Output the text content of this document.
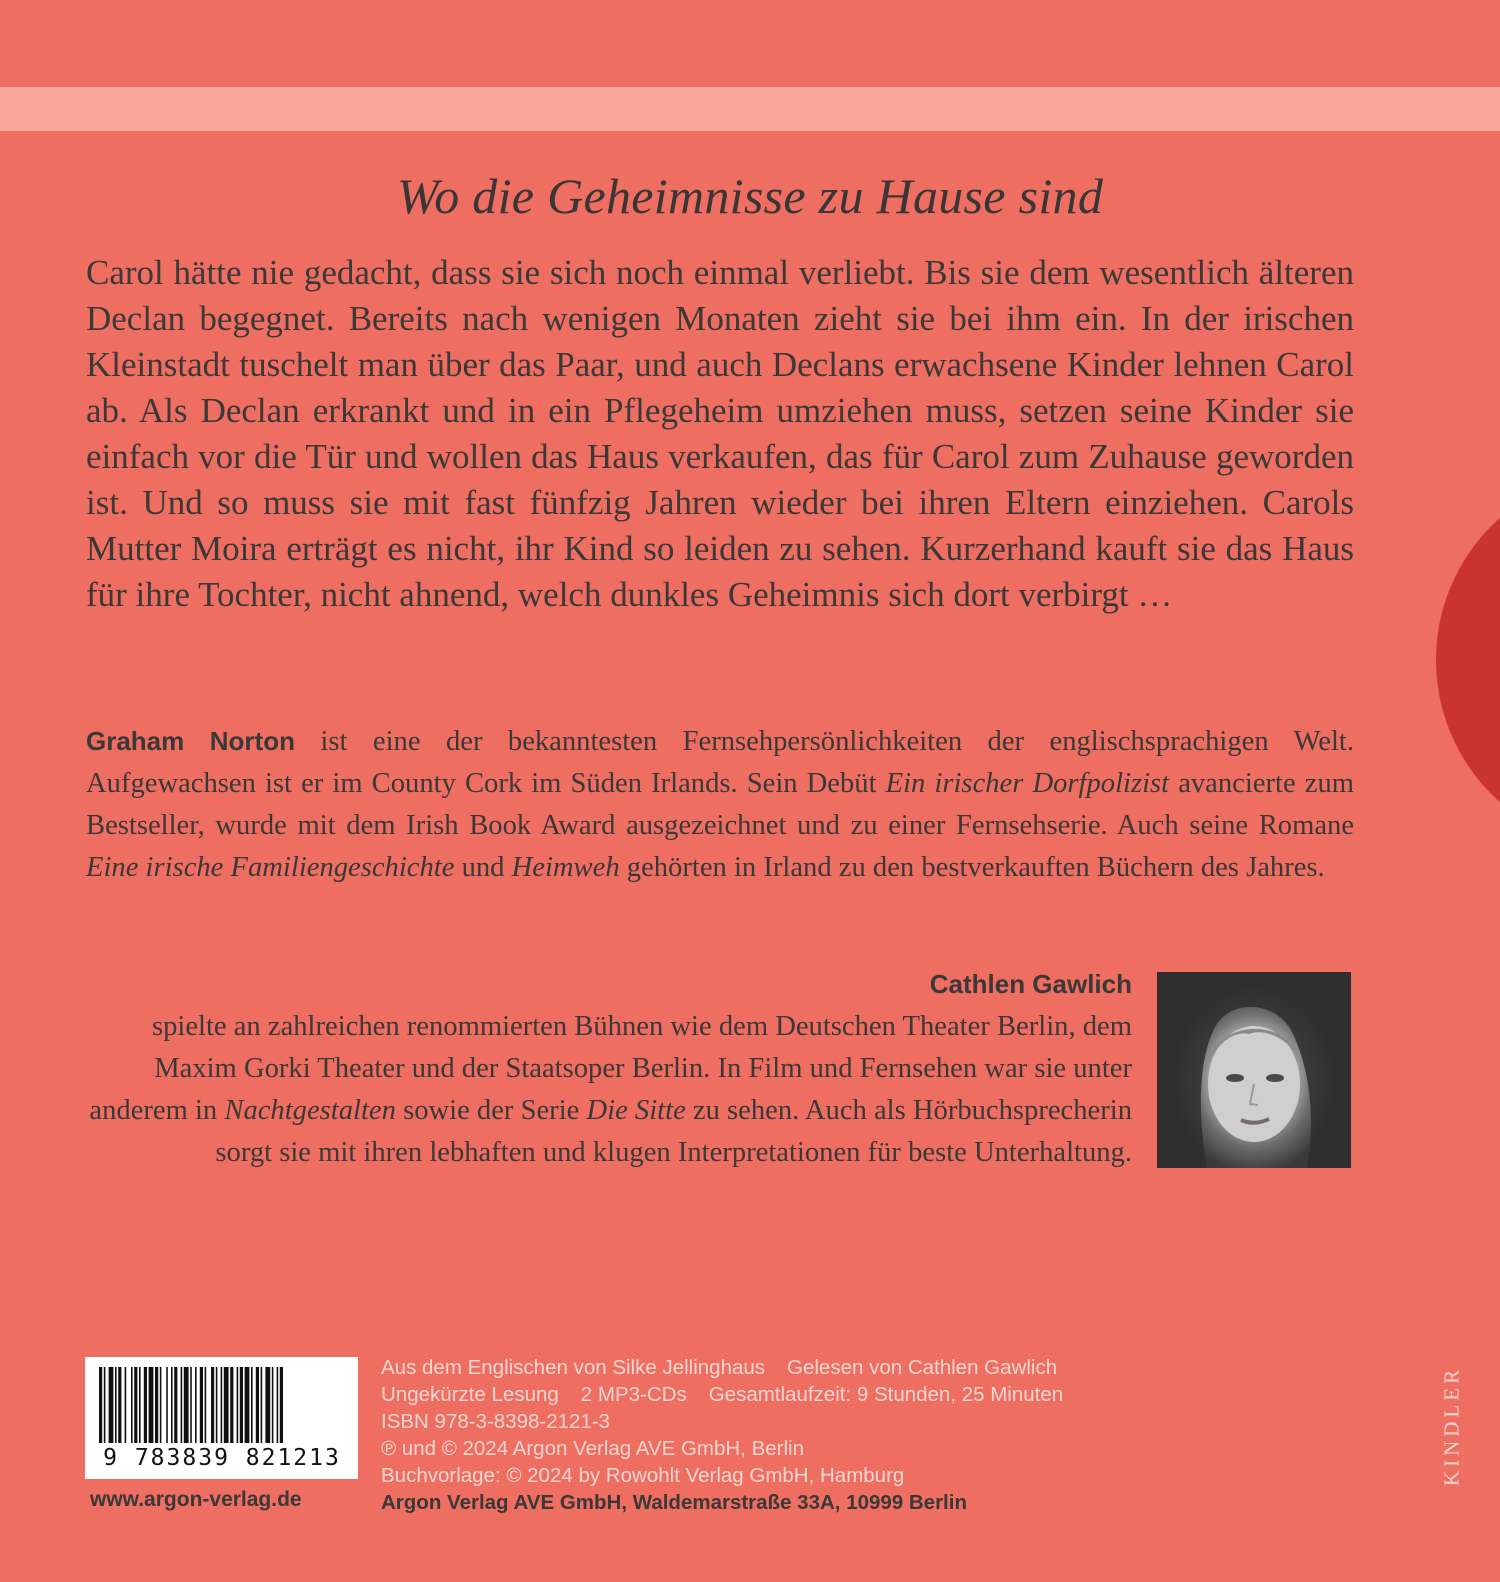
Wo die Geheimnisse zu Hause sind

Carol hätte nie gedacht, dass sie sich noch einmal verliebt. Bis sie dem wesentlich älteren Declan begegnet. Bereits nach wenigen Monaten zieht sie bei ihm ein. In der irischen Kleinstadt tuschelt man über das Paar, und auch Declans erwachsene Kinder lehnen Carol ab. Als Declan erkrankt und in ein Pflegeheim umziehen muss, setzen seine Kinder sie einfach vor die Tür und wollen das Haus verkaufen, das für Carol zum Zuhause geworden ist. Und so muss sie mit fast fünfzig Jahren wieder bei ihren Eltern einziehen. Carols Mutter Moira erträgt es nicht, ihr Kind so leiden zu sehen. Kurzerhand kauft sie das Haus für ihre Tochter, nicht ahnend, welch dunkles Geheimnis sich dort verbirgt …

Graham Norton ist eine der bekanntesten Fernsehpersönlichkeiten der englischsprachigen Welt. Aufgewachsen ist er im County Cork im Süden Irlands. Sein Debüt Ein irischer Dorfpolizist avancierte zum Bestseller, wurde mit dem Irish Book Award ausgezeichnet und zu einer Fernsehserie. Auch seine Romane Eine irische Familiengeschichte und Heimweh gehörten in Irland zu den bestverkauften Büchern des Jahres.

Cathlen Gawlich

spielte an zahlreichen renommierten Bühnen wie dem Deutschen Theater Berlin, dem Maxim Gorki Theater und der Staatsoper Berlin. In Film und Fernsehen war sie unter anderem in Nachtgestalten sowie der Serie Die Sitte zu sehen. Auch als Hörbuchsprecherin sorgt sie mit ihren lebhaften und klugen Interpretationen für beste Unterhaltung.

9 783839 821213
www.argon-verlag.de
Aus dem Englischen von Silke Jellinghaus Gelesen von Cathlen Gawlich
Ungekürzte Lesung 2 MP3-CDs Gesamtlaufzeit: 9 Stunden, 25 Minuten
ISBN 978-3-8398-2121-3
℗ und © 2024 Argon Verlag AVE GmbH, Berlin
Buchvorlage: © 2024 by Rowohlt Verlag GmbH, Hamburg
Argon Verlag AVE GmbH, Waldemarstraße 33A, 10999 Berlin
KINDLER
